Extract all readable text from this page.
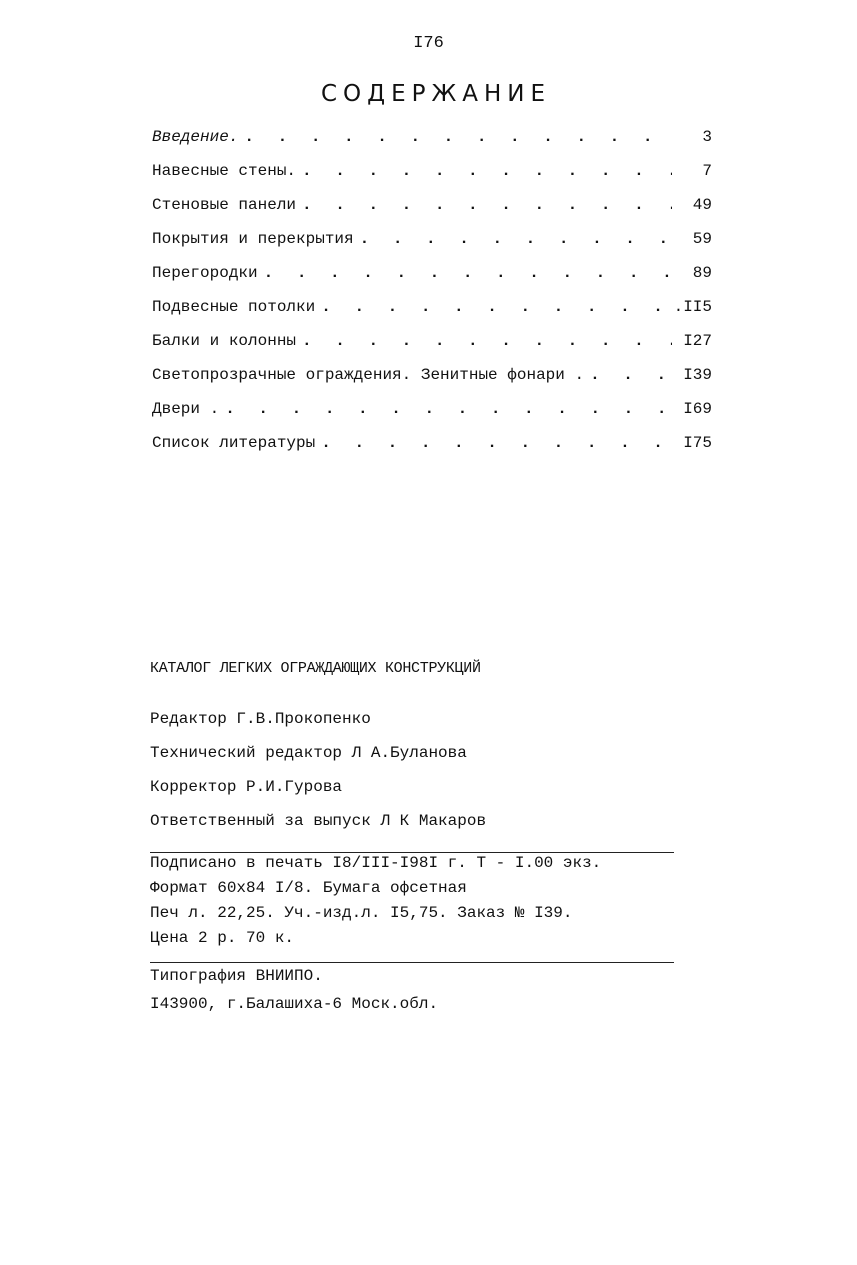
I76
СОДЕРЖАНИЕ
Введение. . . .	3
Навесные стены. . . .	7
Стеновые панели . . .	49
Покрытия и перекрытия . . .	59
Перегородки . . .	89
Подвесные потолки . . .	.II5
Балки и колонны . . .	I27
Светопрозрачные ограждения. Зенитные фонари . . . .	I39
Двери . . . .	I69
Список литературы . . .	I75
КАТАЛОГ ЛЕГКИХ ОГРАЖДАЮЩИХ КОНСТРУКЦИЙ
Редактор Г.В.Прокопенко
Технический редактор Л А.Буланова
Корректор Р.И.Гурова
Ответственный за выпуск Л К Макаров
Подписано в печать I8/III-I98I г. Т - I.00 экз.
Формат 60х84 I/8. Бумага офсетная
Печ л. 22,25. Уч.-изд.л. I5,75. Заказ № I39.
Цена 2 р. 70 к.
Типография ВНИИПО.
I43900, г.Балашиха-6 Моск.обл.
